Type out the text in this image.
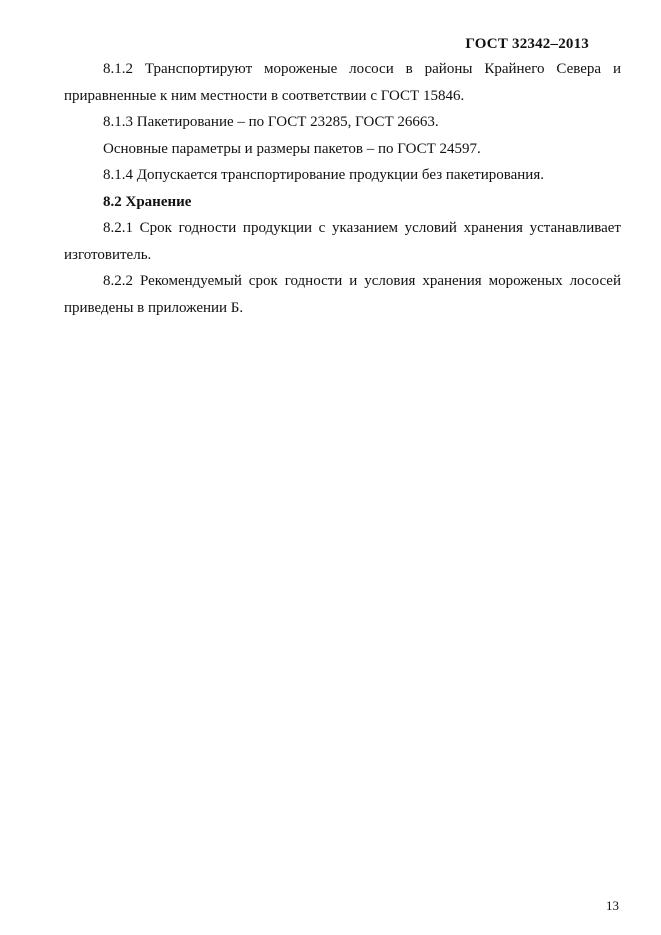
ГОСТ 32342–2013

8.1.2 Транспортируют мороженые лососи в районы Крайнего Севера и приравненные к ним местности в соответствии с ГОСТ 15846.

8.1.3 Пакетирование – по ГОСТ 23285, ГОСТ 26663.

Основные параметры и размеры пакетов – по ГОСТ 24597.

8.1.4 Допускается транспортирование продукции без пакетирования.

8.2 Хранение

8.2.1 Срок годности продукции с указанием условий хранения устанавливает изготовитель.

8.2.2 Рекомендуемый срок годности и условия хранения мороженых лососей приведены в приложении Б.

13
